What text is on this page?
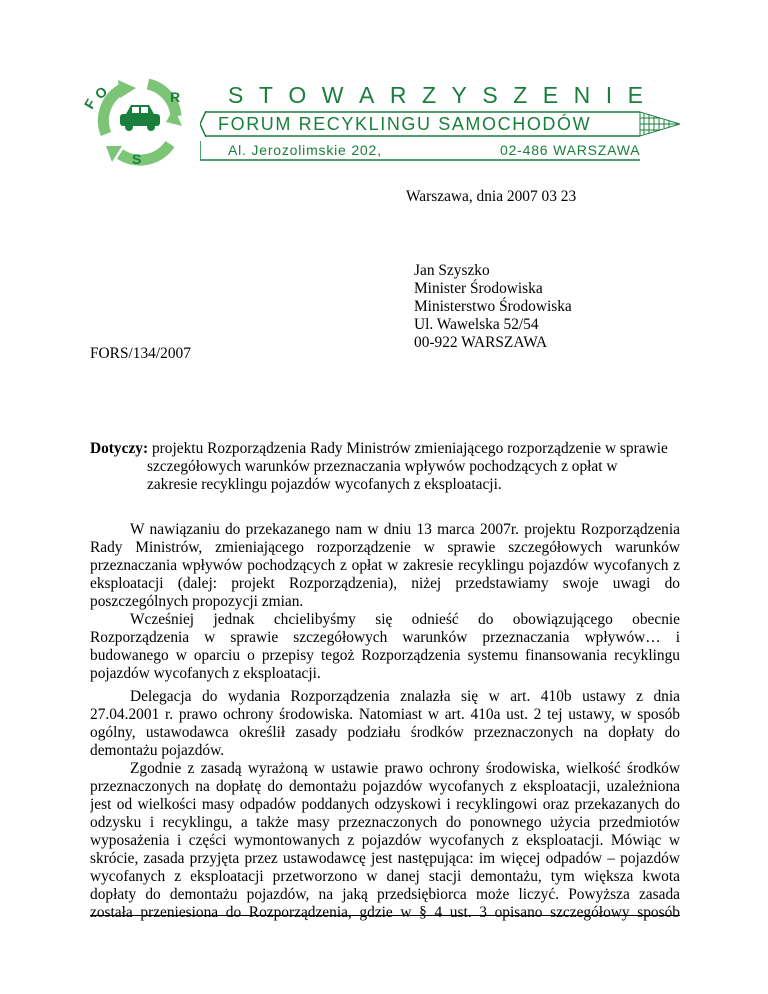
F
O	R
S
S T O W A R Z Y S Z E N I E
FORUM RECYKLINGU SAMOCHODÓW
Al. Jerozolimskie 202,	02-486 WARSZAWA
Warszawa, dnia 2007 03 23
Jan Szyszko
Minister Środowiska
Ministerstwo Środowiska
Ul. Wawelska 52/54
00-922 WARSZAWA
FORS/134/2007
Dotyczy: projektu Rozporządzenia Rady Ministrów zmieniającego rozporządzenie w sprawie
szczegółowych warunków przeznaczania wpływów pochodzących z opłat w
zakresie recyklingu pojazdów wycofanych z eksploatacji.
W nawiązaniu do przekazanego nam w dniu 13 marca 2007r. projektu Rozporządzenia
Rady Ministrów, zmieniającego rozporządzenie w sprawie szczegółowych warunków
przeznaczania wpływów pochodzących z opłat w zakresie recyklingu pojazdów wycofanych z
eksploatacji (dalej: projekt Rozporządzenia), niżej przedstawiamy swoje uwagi do
poszczególnych propozycji zmian.
Wcześniej jednak chcielibyśmy się odnieść do obowiązującego obecnie
Rozporządzenia w sprawie szczegółowych warunków przeznaczania wpływów… i
budowanego w oparciu o przepisy tegoż Rozporządzenia systemu finansowania recyklingu
pojazdów wycofanych z eksploatacji.
Delegacja do wydania Rozporządzenia znalazła się w art. 410b ustawy z dnia
27.04.2001 r. prawo ochrony środowiska. Natomiast w art. 410a ust. 2 tej ustawy, w sposób
ogólny, ustawodawca określił zasady podziału środków przeznaczonych na dopłaty do
demontażu pojazdów.
Zgodnie z zasadą wyrażoną w ustawie prawo ochrony środowiska, wielkość środków
przeznaczonych na dopłatę do demontażu pojazdów wycofanych z eksploatacji, uzależniona
jest od wielkości masy odpadów poddanych odzyskowi i recyklingowi oraz przekazanych do
odzysku i recyklingu, a także masy przeznaczonych do ponownego użycia przedmiotów
wyposażenia i części wymontowanych z pojazdów wycofanych z eksploatacji. Mówiąc w
skrócie, zasada przyjęta przez ustawodawcę jest następująca: im więcej odpadów – pojazdów
wycofanych z eksploatacji przetworzono w danej stacji demontażu, tym większa kwota
dopłaty do demontażu pojazdów, na jaką przedsiębiorca może liczyć. Powyższa zasada
została przeniesiona do Rozporządzenia, gdzie w § 4 ust. 3 opisano szczegółowy sposób
